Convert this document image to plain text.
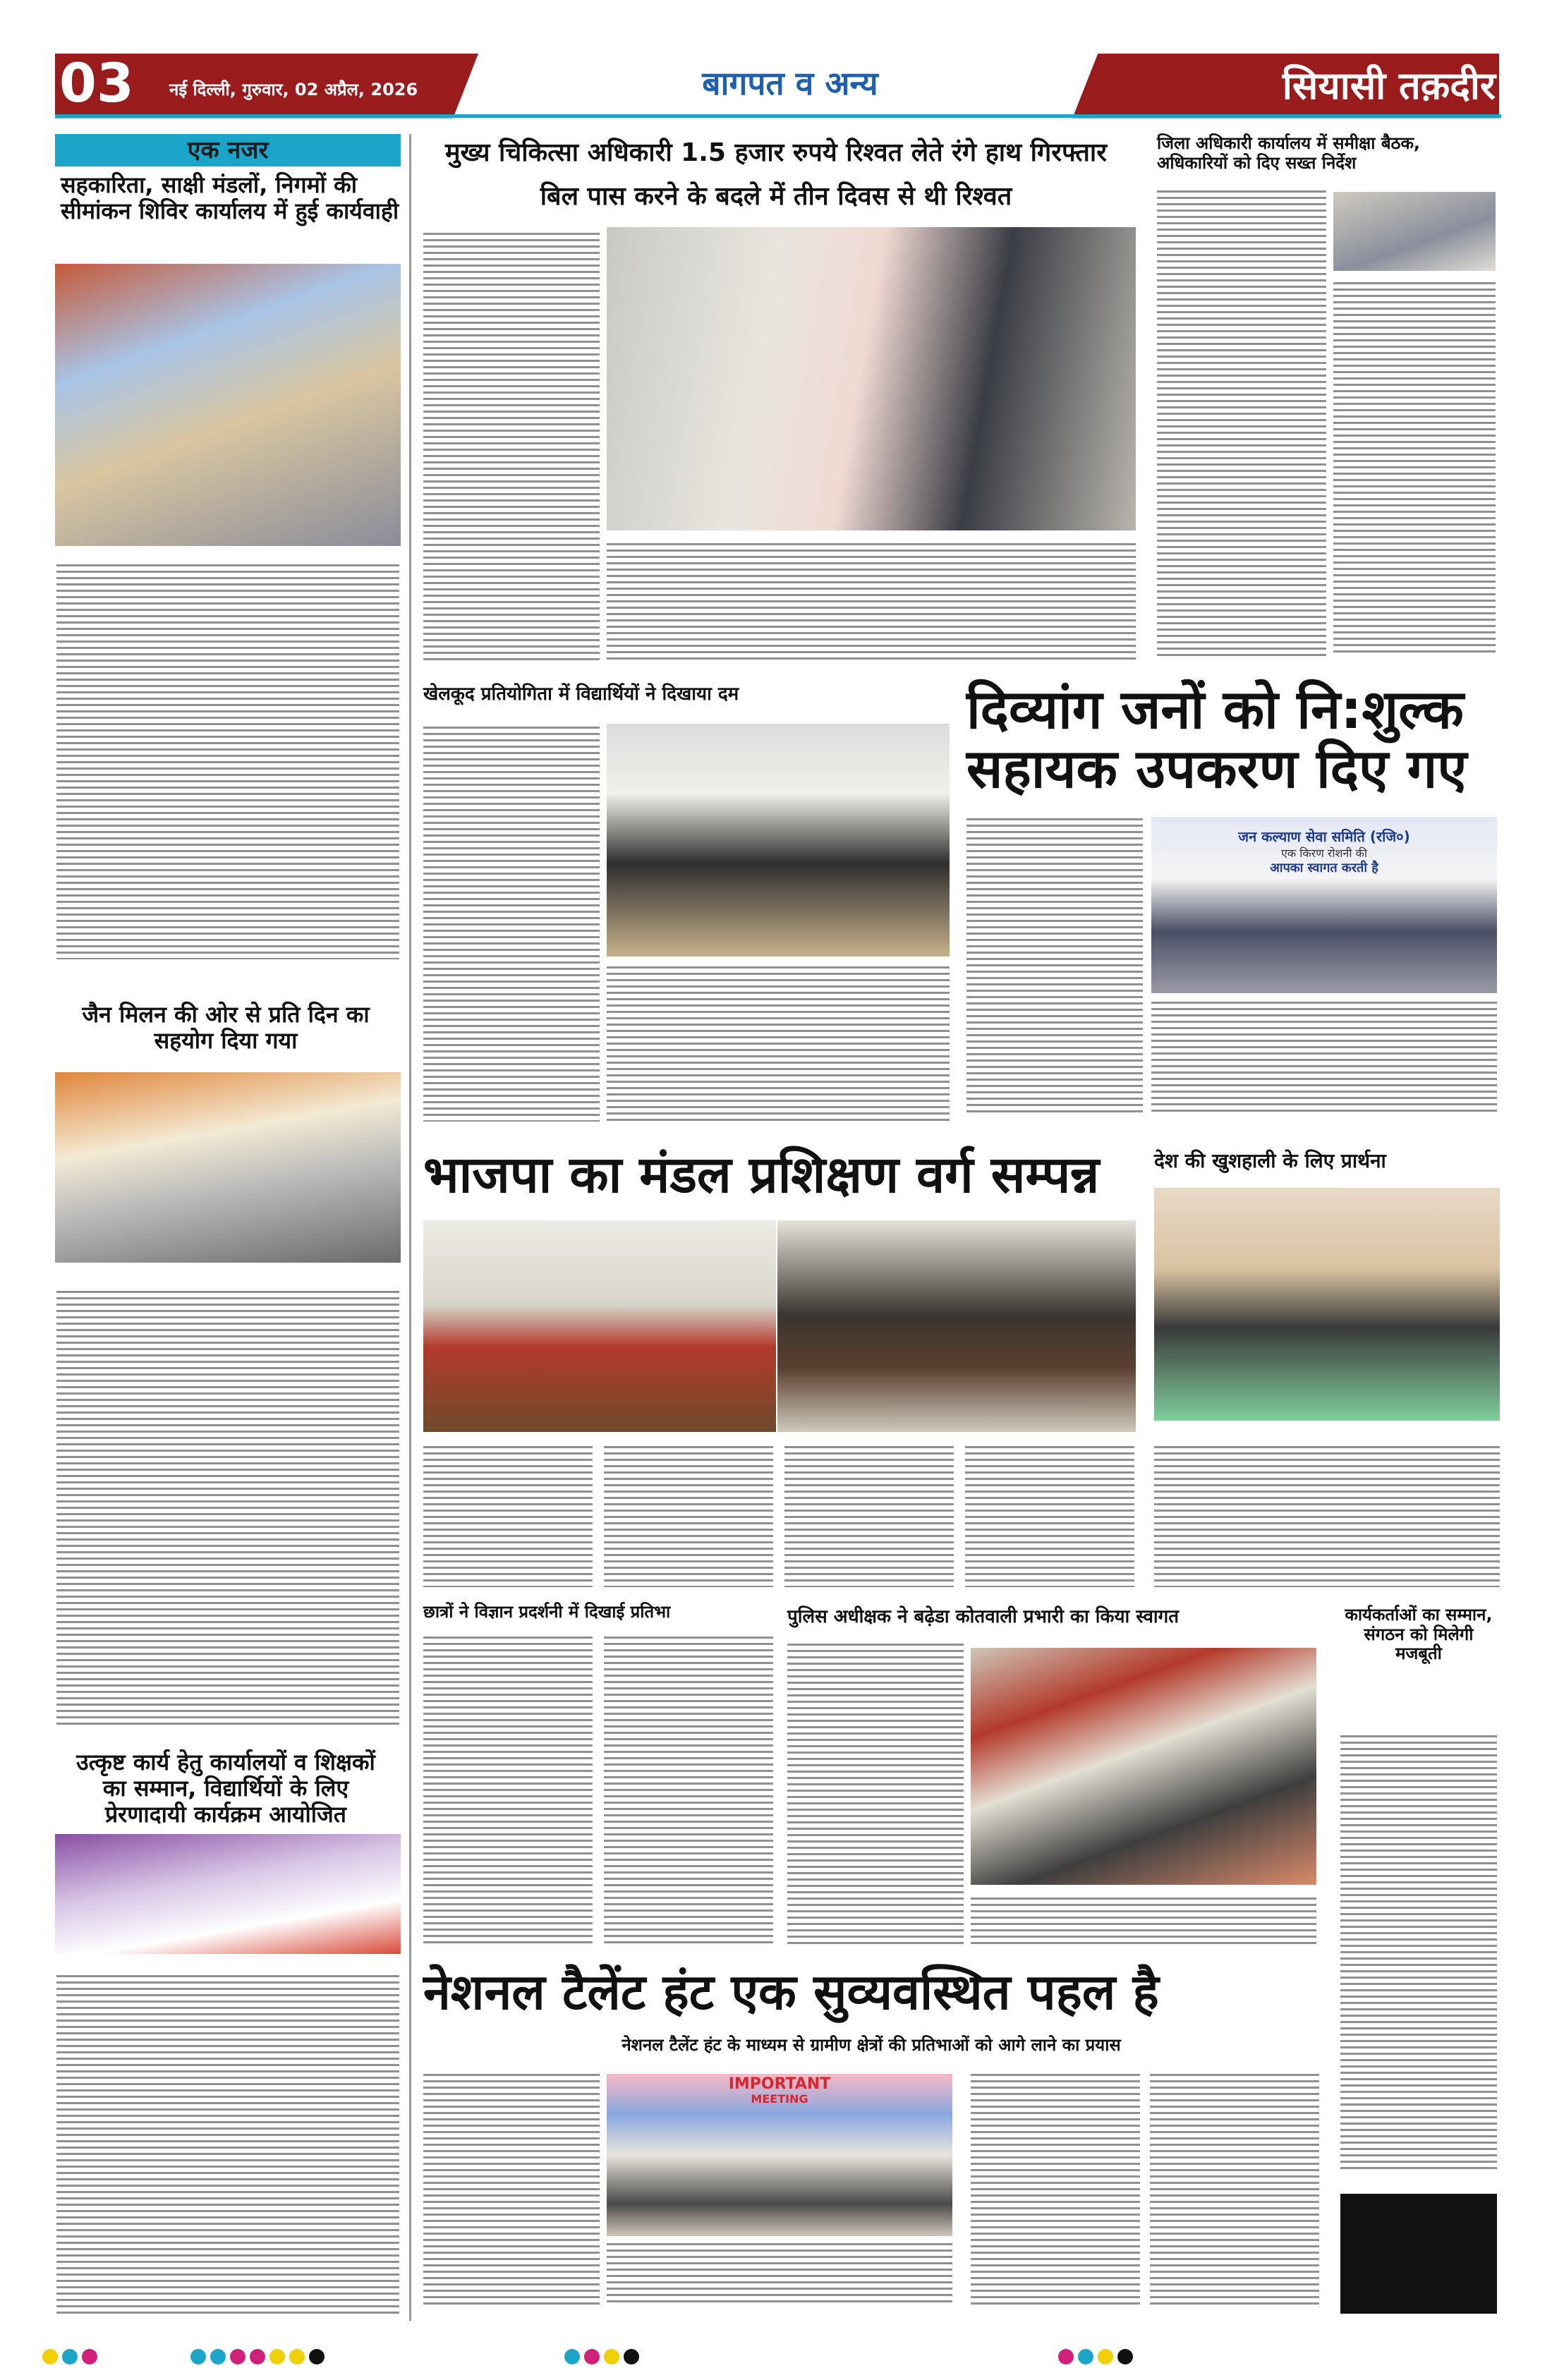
03 नई दिल्ली, गुरुवार, 02 अप्रैल, 2026	बागपत व अन्य	सियासी तक़दीर
एक नजर
सहकारिता, साक्षी मंडलों, निगमों की सीमांकन शिविर कार्यालय में हुई कार्यवाही
जैन मिलन की ओर से प्रति दिन का सहयोग दिया गया
उत्कृष्ट कार्य हेतु कार्यालयों व शिक्षकों का सम्मान, विद्यार्थियों के लिए प्रेरणादायी कार्यक्रम आयोजित
मुख्य चिकित्सा अधिकारी 1.5 हजार रुपये रिश्वत लेते रंगे हाथ गिरफ्तार
बिल पास करने के बदले में तीन दिवस से थी रिश्वत
जिला अधिकारी कार्यालय में समीक्षा बैठक, अधिकारियों को दिए सख्त निर्देश
खेलकूद प्रतियोगिता में विद्यार्थियों ने दिखाया दम	दिव्यांग जनों को नि:शुल्क सहायक उपकरण दिए गए
जन कल्याण सेवा समिति (रजि०)
एक किरण रोशनी की
आपका स्वागत करती है
भाजपा का मंडल प्रशिक्षण वर्ग सम्पन्न	देश की खुशहाली के लिए प्रार्थना
छात्रों ने विज्ञान प्रदर्शनी में दिखाई प्रतिभा	पुलिस अधीक्षक ने बढ़ेडा कोतवाली प्रभारी का किया स्वागत	कार्यकर्ताओं का सम्मान, संगठन को मिलेगी मजबूती
नेशनल टैलेंट हंट एक सुव्यवस्थित पहल है
नेशनल टैलेंट हंट के माध्यम से ग्रामीण क्षेत्रों की प्रतिभाओं को आगे लाने का प्रयास
IMPORTANT
MEETING
